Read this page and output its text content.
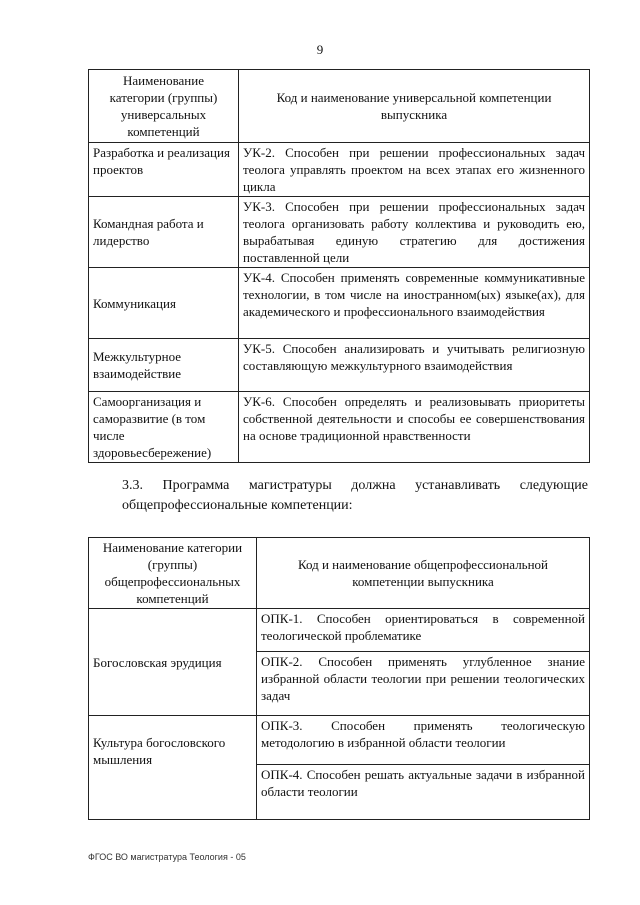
9
Наименование категории (группы) универсальных компетенций	Код и наименование универсальной компетенции выпускника
Разработка и реализация проектов	УК-2. Способен при решении профессиональных задач теолога управлять проектом на всех этапах его жизненного цикла
Командная работа и лидерство	УК-3. Способен при решении профессиональных задач теолога организовать работу коллектива и руководить ею, вырабатывая единую стратегию для достижения поставленной цели
Коммуникация	УК-4. Способен применять современные коммуникативные технологии, в том числе на иностранном(ых) языке(ах), для академического и профессионального взаимодействия
Межкультурное взаимодействие	УК-5. Способен анализировать и учитывать религиозную составляющую межкультурного взаимодействия
Самоорганизация и саморазвитие (в том числе здоровьесбережение)	УК-6. Способен определять и реализовывать приоритеты собственной деятельности и способы ее совершенствования на основе традиционной нравственности
3.3. Программа магистратуры должна устанавливать следующие общепрофессиональные компетенции:
Наименование категории (группы) общепрофессиональных компетенций	Код и наименование общепрофессиональной компетенции выпускника
Богословская эрудиция	ОПК-1. Способен ориентироваться в современной теологической проблематике
ОПК-2. Способен применять углубленное знание избранной области теологии при решении теологических задач

Культура богословского мышления	ОПК-3. Способен применять теологическую методологию в избранной области теологии
ОПК-4. Способен решать актуальные задачи в избранной области теологии
ФГОС ВО магистратура Теология - 05
